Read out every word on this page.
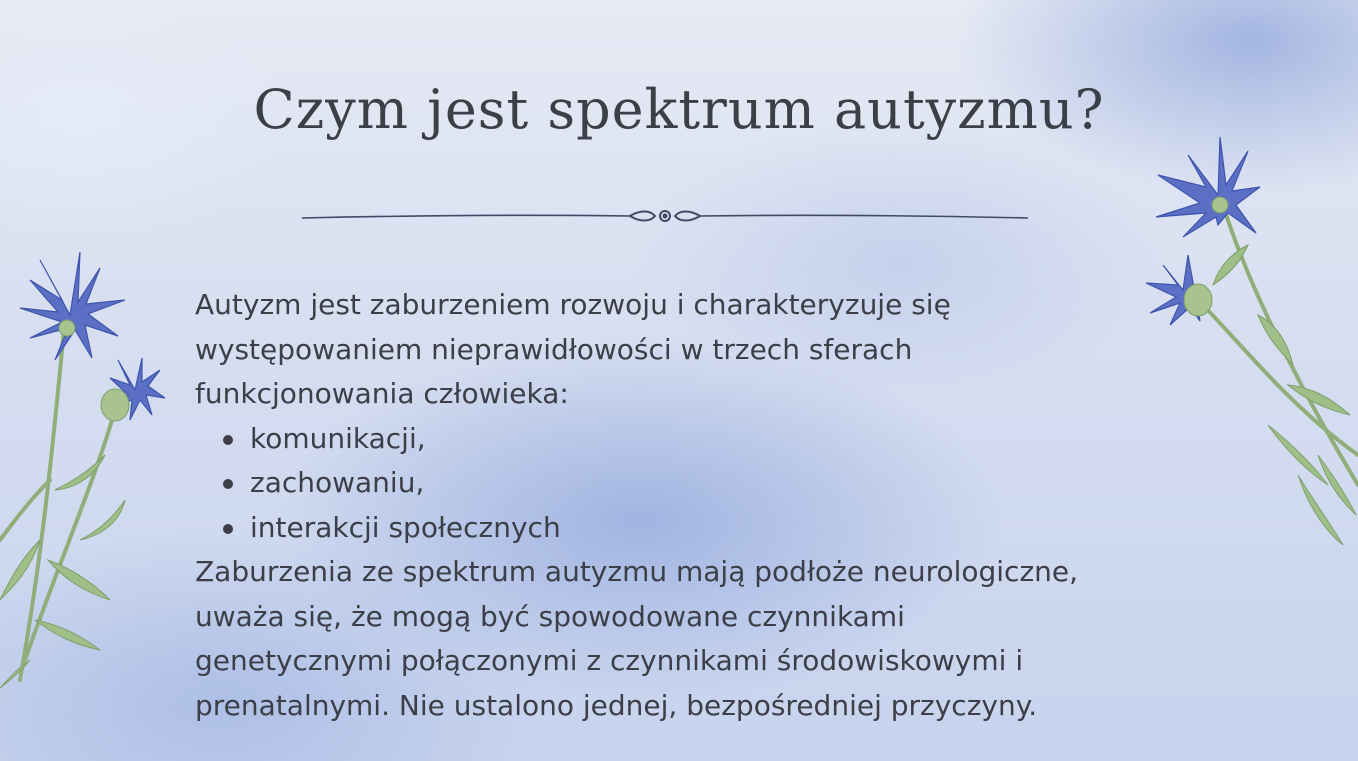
Czym jest spektrum autyzmu?

Autyzm jest zaburzeniem rozwoju i charakteryzuje się

występowaniem nieprawidłowości w trzech sferach

funkcjonowania człowieka:

komunikacji,
zachowaniu,
interakcji społecznych

Zaburzenia ze spektrum autyzmu mają podłoże neurologiczne,

uważa się, że mogą być spowodowane czynnikami

genetycznymi połączonymi z czynnikami środowiskowymi i

prenatalnymi. Nie ustalono jednej, bezpośredniej przyczyny.
